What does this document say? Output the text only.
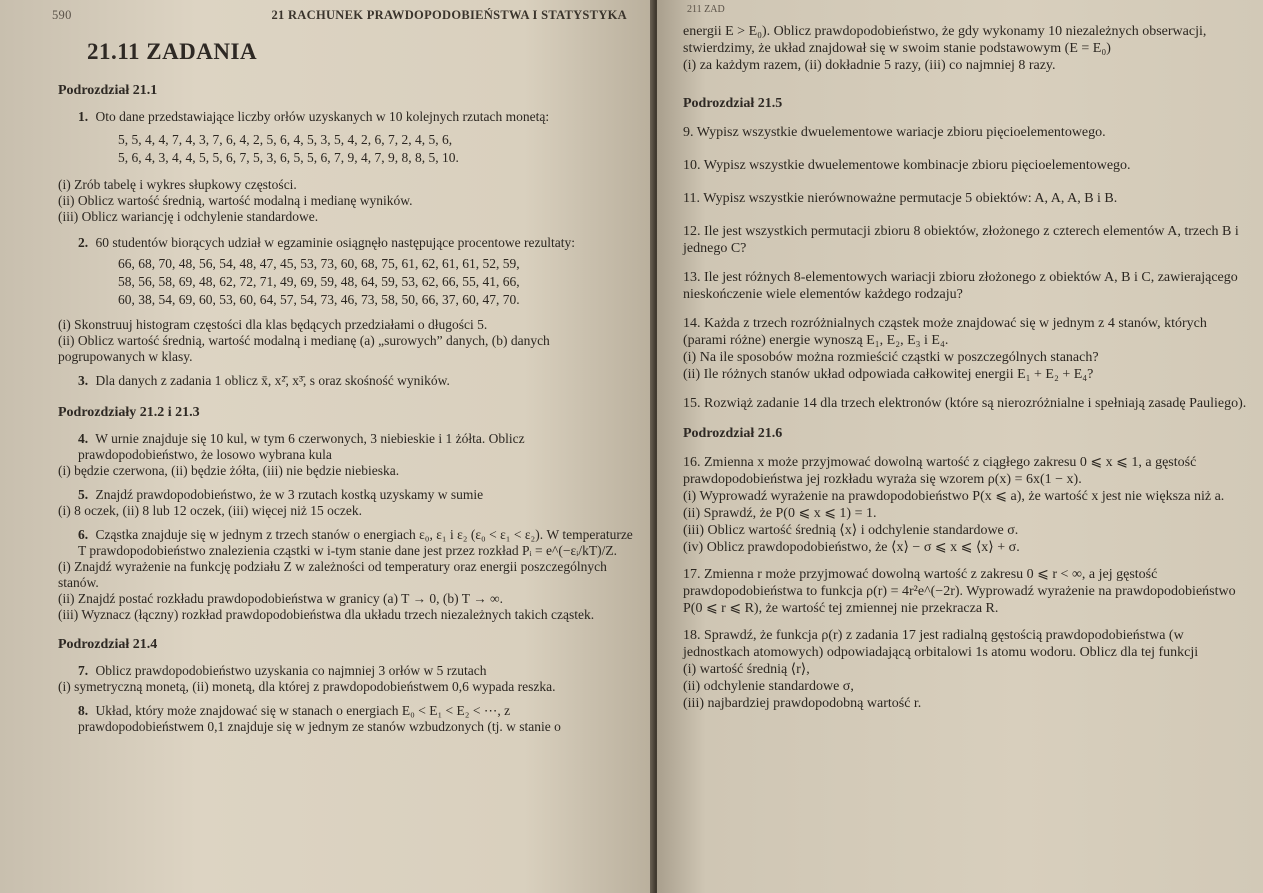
590	21 RACHUNEK PRAWDOPODOBIEŃSTWA I STATYSTYKA
21.11 ZADANIA
Podrozdział 21.1

1. Oto dane przedstawiające liczby orłów uzyskanych w 10 kolejnych rzutach monetą:

5, 5, 4, 4, 7, 4, 3, 7, 6, 4, 2, 5, 6, 4, 5, 3, 5, 4, 2, 6, 7, 2, 4, 5, 6,

5, 6, 4, 3, 4, 4, 5, 5, 6, 7, 5, 3, 6, 5, 5, 6, 7, 9, 4, 7, 9, 8, 8, 5, 10.

(i) Zrób tabelę i wykres słupkowy częstości.

(ii) Oblicz wartość średnią, wartość modalną i medianę wyników.

(iii) Oblicz wariancję i odchylenie standardowe.

2. 60 studentów biorących udział w egzaminie osiągnęło następujące procentowe rezultaty:

66, 68, 70, 48, 56, 54, 48, 47, 45, 53, 73, 60, 68, 75, 61, 62, 61, 61, 52, 59,

58, 56, 58, 69, 48, 62, 72, 71, 49, 69, 59, 48, 64, 59, 53, 62, 66, 55, 41, 66,

60, 38, 54, 69, 60, 53, 60, 64, 57, 54, 73, 46, 73, 58, 50, 66, 37, 60, 47, 70.

(i) Skonstruuj histogram częstości dla klas będących przedziałami o długości 5.

(ii) Oblicz wartość średnią, wartość modalną i medianę (a) „surowych” danych, (b) danych pogrupowanych w klasy.

3. Dla danych z zadania 1 oblicz x̄, x²̄, x³̄, s oraz skośność wyników.

Podrozdziały 21.2 i 21.3

4. W urnie znajduje się 10 kul, w tym 6 czerwonych, 3 niebieskie i 1 żółta. Oblicz prawdopodobieństwo, że losowo wybrana kula

(i) będzie czerwona, (ii) będzie żółta, (iii) nie będzie niebieska.

5. Znajdź prawdopodobieństwo, że w 3 rzutach kostką uzyskamy w sumie

(i) 8 oczek, (ii) 8 lub 12 oczek, (iii) więcej niż 15 oczek.

6. Cząstka znajduje się w jednym z trzech stanów o energiach ε₀, ε₁ i ε₂ (ε₀ < ε₁ < ε₂). W temperaturze T prawdopodobieństwo znalezienia cząstki w i-tym stanie dane jest przez rozkład Pᵢ = e^(−εᵢ/kT)/Z.

(i) Znajdź wyrażenie na funkcję podziału Z w zależności od temperatury oraz energii poszczególnych stanów.

(ii) Znajdź postać rozkładu prawdopodobieństwa w granicy (a) T → 0, (b) T → ∞.

(iii) Wyznacz (łączny) rozkład prawdopodobieństwa dla układu trzech niezależnych takich cząstek.

Podrozdział 21.4

7. Oblicz prawdopodobieństwo uzyskania co najmniej 3 orłów w 5 rzutach

(i) symetryczną monetą, (ii) monetą, dla której z prawdopodobieństwem 0,6 wypada reszka.

8. Układ, który może znajdować się w stanach o energiach E₀ < E₁ < E₂ < ⋯, z prawdopodobieństwem 0,1 znajduje się w jednym ze stanów wzbudzonych (tj. w stanie o

211 ZAD

energii E > E₀). Oblicz prawdopodobieństwo, że gdy wykonamy 10 niezależnych obserwacji, stwierdzimy, że układ znajdował się w swoim stanie podstawowym (E = E₀)

(i) za każdym razem, (ii) dokładnie 5 razy, (iii) co najmniej 8 razy.

Podrozdział 21.5

9. Wypisz wszystkie dwuelementowe wariacje zbioru pięcioelementowego.

10. Wypisz wszystkie dwuelementowe kombinacje zbioru pięcioelementowego.

11. Wypisz wszystkie nierównoważne permutacje 5 obiektów: A, A, A, B i B.

12. Ile jest wszystkich permutacji zbioru 8 obiektów, złożonego z czterech elementów A, trzech B i jednego C?

13. Ile jest różnych 8-elementowych wariacji zbioru złożonego z obiektów A, B i C, zawierającego nieskończenie wiele elementów każdego rodzaju?

14. Każda z trzech rozróżnialnych cząstek może znajdować się w jednym z 4 stanów, których (parami różne) energie wynoszą E₁, E₂, E₃ i E₄.

(i) Na ile sposobów można rozmieścić cząstki w poszczególnych stanach?

(ii) Ile różnych stanów układ odpowiada całkowitej energii E₁ + E₂ + E₄?

15. Rozwiąż zadanie 14 dla trzech elektronów (które są nierozróżnialne i spełniają zasadę Pauliego).

Podrozdział 21.6

16. Zmienna x może przyjmować dowolną wartość z ciągłego zakresu 0 ⩽ x ⩽ 1, a gęstość prawdopodobieństwa jej rozkładu wyraża się wzorem ρ(x) = 6x(1 − x).

(i) Wyprowadź wyrażenie na prawdopodobieństwo P(x ⩽ a), że wartość x jest nie większa niż a.

(ii) Sprawdź, że P(0 ⩽ x ⩽ 1) = 1.

(iii) Oblicz wartość średnią ⟨x⟩ i odchylenie standardowe σ.

(iv) Oblicz prawdopodobieństwo, że ⟨x⟩ − σ ⩽ x ⩽ ⟨x⟩ + σ.

17. Zmienna r może przyjmować dowolną wartość z zakresu 0 ⩽ r < ∞, a jej gęstość prawdopodobieństwa to funkcja ρ(r) = 4r²e^(−2r). Wyprowadź wyrażenie na prawdopodobieństwo P(0 ⩽ r ⩽ R), że wartość tej zmiennej nie przekracza R.

18. Sprawdź, że funkcja ρ(r) z zadania 17 jest radialną gęstością prawdopodobieństwa (w jednostkach atomowych) odpowiadającą orbitalowi 1s atomu wodoru. Oblicz dla tej funkcji

(i) wartość średnią ⟨r⟩,

(ii) odchylenie standardowe σ,

(iii) najbardziej prawdopodobną wartość r.
